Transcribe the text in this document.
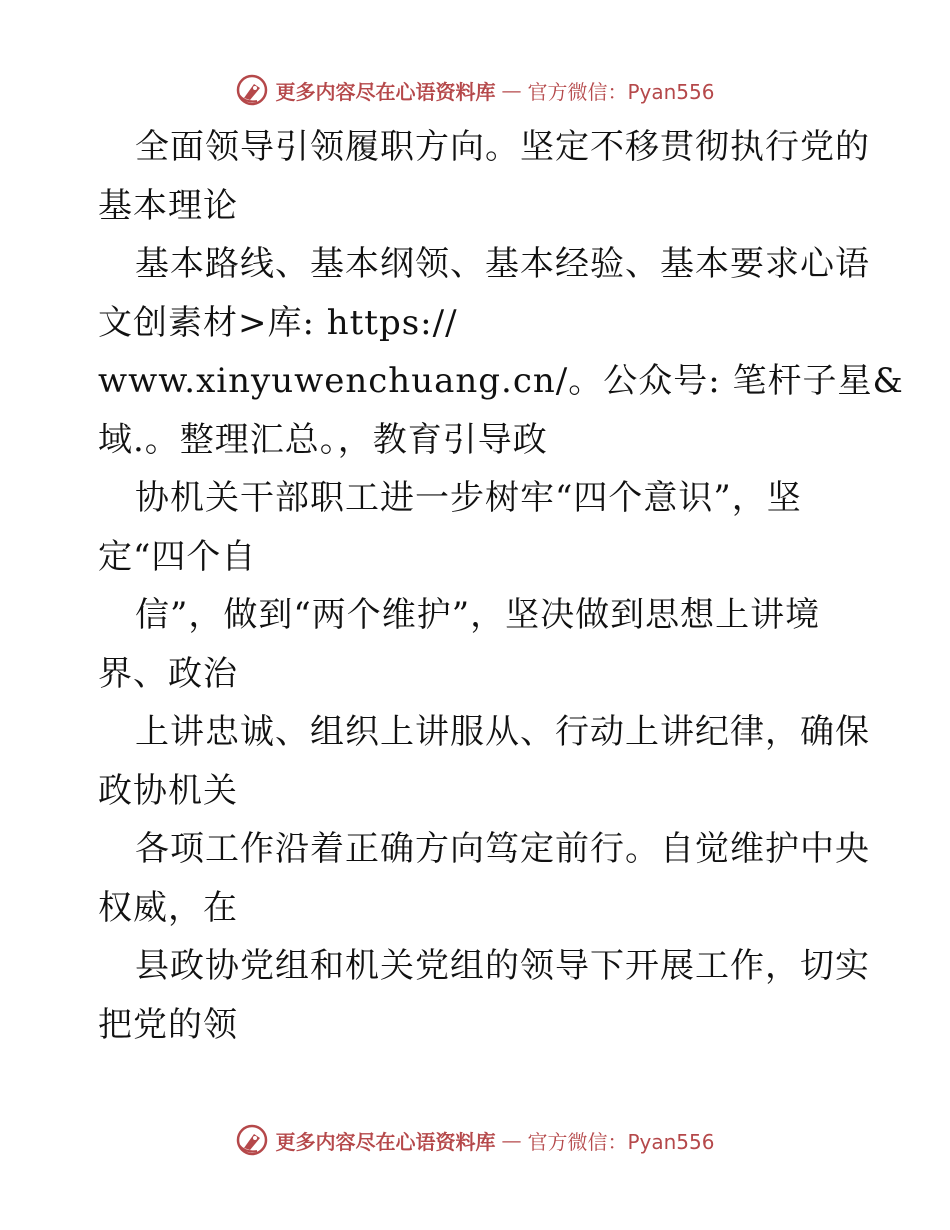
更多内容尽在心语资料库 — 官方微信：Pyan556
全面领导引领履职方向。坚定不移贯彻执行党的
基本理论
基本路线、基本纲领、基本经验、基本要求心语
文创素材>库: https://
www.xinyuwenchuang.cn/。公众号: 笔杆子星&
域.。整理汇总。，教育引导政
协机关干部职工进一步树牢“四个意识”，坚
定“四个自
信”，做到“两个维护”，坚决做到思想上讲境
界、政治
上讲忠诚、组织上讲服从、行动上讲纪律，确保
政协机关
各项工作沿着正确方向笃定前行。自觉维护中央
权威，在
县政协党组和机关党组的领导下开展工作，切实
把党的领
更多内容尽在心语资料库 — 官方微信：Pyan556
